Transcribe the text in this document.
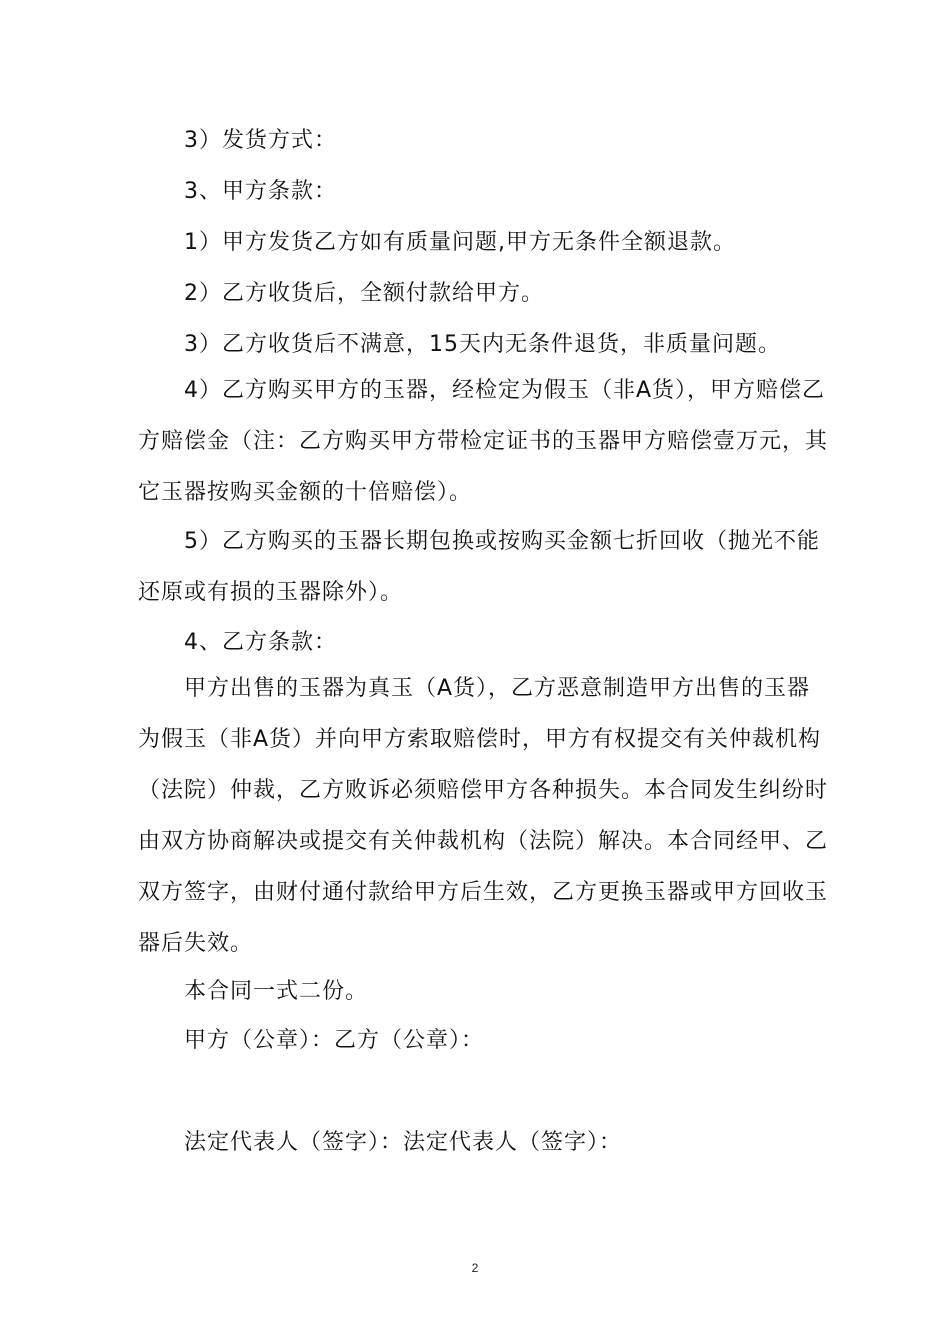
3）发货方式：

3、甲方条款：

1）甲方发货乙方如有质量问题,甲方无条件全额退款。

2）乙方收货后，全额付款给甲方。

3）乙方收货后不满意，15天内无条件退货，非质量问题。

4）乙方购买甲方的玉器，经检定为假玉（非A货），甲方赔偿乙方赔偿金（注：乙方购买甲方带检定证书的玉器甲方赔偿壹万元，其它玉器按购买金额的十倍赔偿）。

5）乙方购买的玉器长期包换或按购买金额七折回收（抛光不能还原或有损的玉器除外）。

4、乙方条款：

甲方出售的玉器为真玉（A货），乙方恶意制造甲方出售的玉器为假玉（非A货）并向甲方索取赔偿时，甲方有权提交有关仲裁机构（法院）仲裁，乙方败诉必须赔偿甲方各种损失。本合同发生纠纷时由双方协商解决或提交有关仲裁机构（法院）解决。本合同经甲、乙双方签字，由财付通付款给甲方后生效，乙方更换玉器或甲方回收玉器后失效。

本合同一式二份。

甲方（公章）：乙方（公章）：

法定代表人（签字）：法定代表人（签字）：

2
